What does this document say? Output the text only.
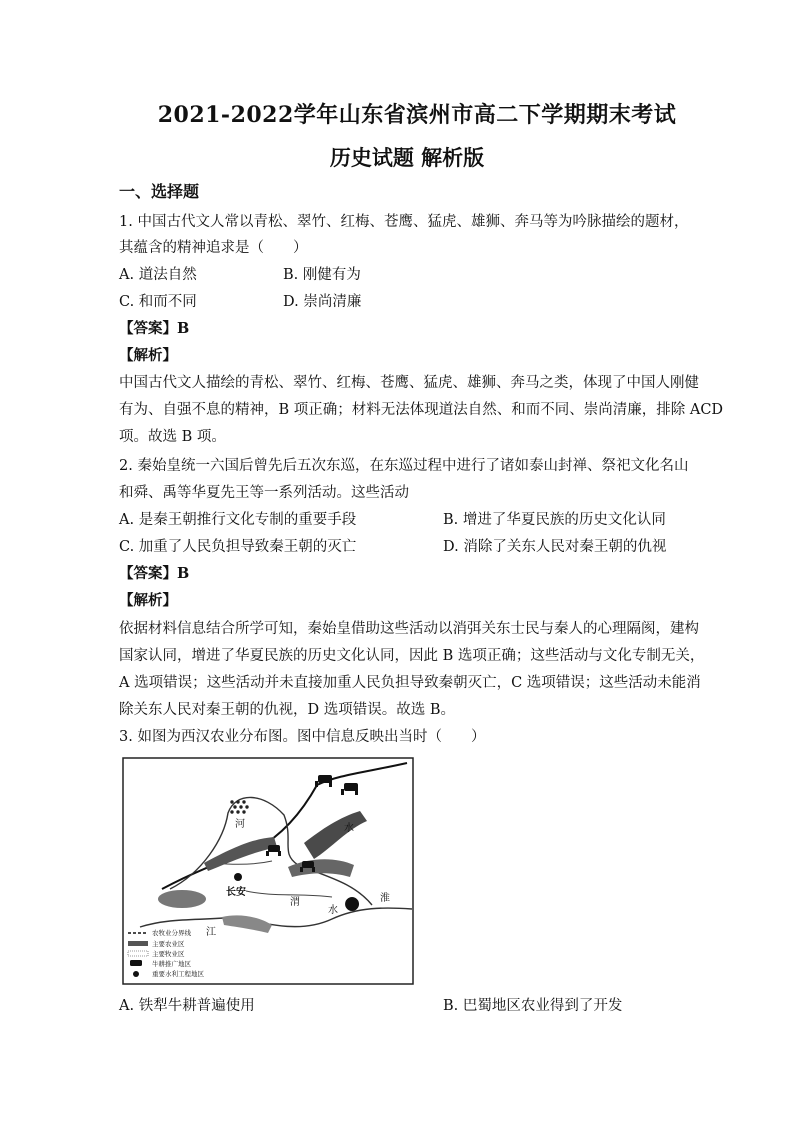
2021-2022学年山东省滨州市高二下学期期末考试
历史试题 解析版
一、选择题
1. 中国古代文人常以青松、翠竹、红梅、苍鹰、猛虎、雄狮、奔马等为吟脉描绘的题材，
其蕴含的精神追求是（　　）
A. 道法自然	B. 刚健有为
C. 和而不同	D. 崇尚清廉
【答案】B
【解析】
中国古代文人描绘的青松、翠竹、红梅、苍鹰、猛虎、雄狮、奔马之类，体现了中国人刚健
有为、自强不息的精神，B 项正确；材料无法体现道法自然、和而不同、崇尚清廉，排除 ACD
项。故选 B 项。
2. 秦始皇统一六国后曾先后五次东巡，在东巡过程中进行了诸如泰山封禅、祭祀文化名山
和舜、禹等华夏先王等一系列活动。这些活动
A. 是秦王朝推行文化专制的重要手段	B. 增进了华夏民族的历史文化认同
C. 加重了人民负担导致秦王朝的灭亡	D. 消除了关东人民对秦王朝的仇视
【答案】B
【解析】
依据材料信息结合所学可知，秦始皇借助这些活动以消弭关东士民与秦人的心理隔阂，建构
国家认同，增进了华夏民族的历史文化认同，因此 B 选项正确；这些活动与文化专制无关，
A 选项错误；这些活动并未直接加重人民负担导致秦朝灭亡，C 选项错误；这些活动未能消
除关东人民对秦王朝的仇视，D 选项错误。故选 B。
3. 如图为西汉农业分布图。图中信息反映出当时（　　）
河
渭
江
淮
水
水
长安
农牧业分界线
主要农业区
主要牧业区
牛耕推广地区
重要水利工程地区
A. 铁犁牛耕普遍使用	B. 巴蜀地区农业得到了开发
